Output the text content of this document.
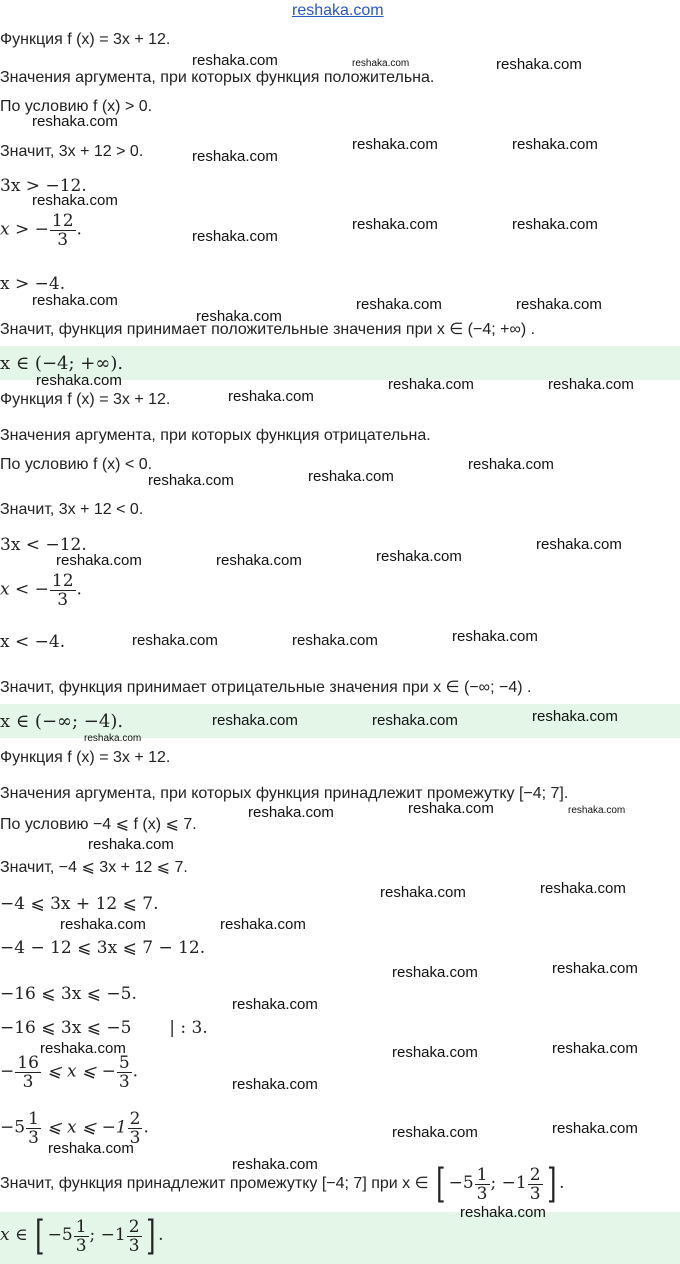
reshaka.com
Функция f (x) = 3x + 12.
Значения аргумента, при которых функция положительна.
По условию f (x) > 0.
Значит, 3x + 12 > 0.
3x > −12.
x > − $\frac{12}{3}$ .
x > −4.
Значит, функция принимает положительные значения при x ∈ (−4; +∞) .
x ∈ (−4; +∞).
Функция f (x) = 3x + 12.
Значения аргумента, при которых функция отрицательна.
По условию f (x) < 0.
Значит, 3x + 12 < 0.
3x < −12.
x < − $\frac{12}{3}$ .
x < −4.
Значит, функция принимает отрицательные значения при x ∈ (−∞; −4) .
x ∈ (−∞; −4).
Функция f (x) = 3x + 12.
Значения аргумента, при которых функция принадлежит промежутку [−4; 7].
По условию −4 ⩽ f (x) ⩽ 7.
Значит, −4 ⩽ 3x + 12 ⩽ 7.
−4 ⩽ 3x + 12 ⩽ 7.
−4 − 12 ⩽ 3x ⩽ 7 − 12.
−16 ⩽ 3x ⩽ −5.
−16 ⩽ 3x ⩽ −5       | : 3.
− $\frac{16}{3}$ ⩽ x ⩽ − $\frac{5}{3}$ .
$-5 \frac{1}{3}$ ⩽ x ⩽ $-1 \frac{2}{3}$ .
Значит, функция принадлежит промежутку [−4; 7] при x ∈ [ $-5 \frac{1}{3}$ ; $-1 \frac{2}{3}$ ] .
x ∈ [ $-5 \frac{1}{3}$ ; $-1 \frac{2}{3}$ ] .
reshaka.com	reshaka.com	reshaka.com
reshaka.com
reshaka.com
reshaka.com	reshaka.com
reshaka.com
reshaka.com
reshaka.com	reshaka.com
reshaka.com
reshaka.com
reshaka.com	reshaka.com
reshaka.com
reshaka.com
reshaka.com	reshaka.com
reshaka.com	reshaka.com
reshaka.com
reshaka.com	reshaka.com	reshaka.com
reshaka.com
reshaka.com	reshaka.com	reshaka.com
reshaka.com	reshaka.com	reshaka.com
reshaka.com
reshaka.com	reshaka.com	reshaka.com
reshaka.com
reshaka.com	reshaka.com
reshaka.com	reshaka.com
reshaka.com	reshaka.com
reshaka.com
reshaka.com	reshaka.com	reshaka.com
reshaka.com
reshaka.com
reshaka.com	reshaka.com
reshaka.com
reshaka.com
